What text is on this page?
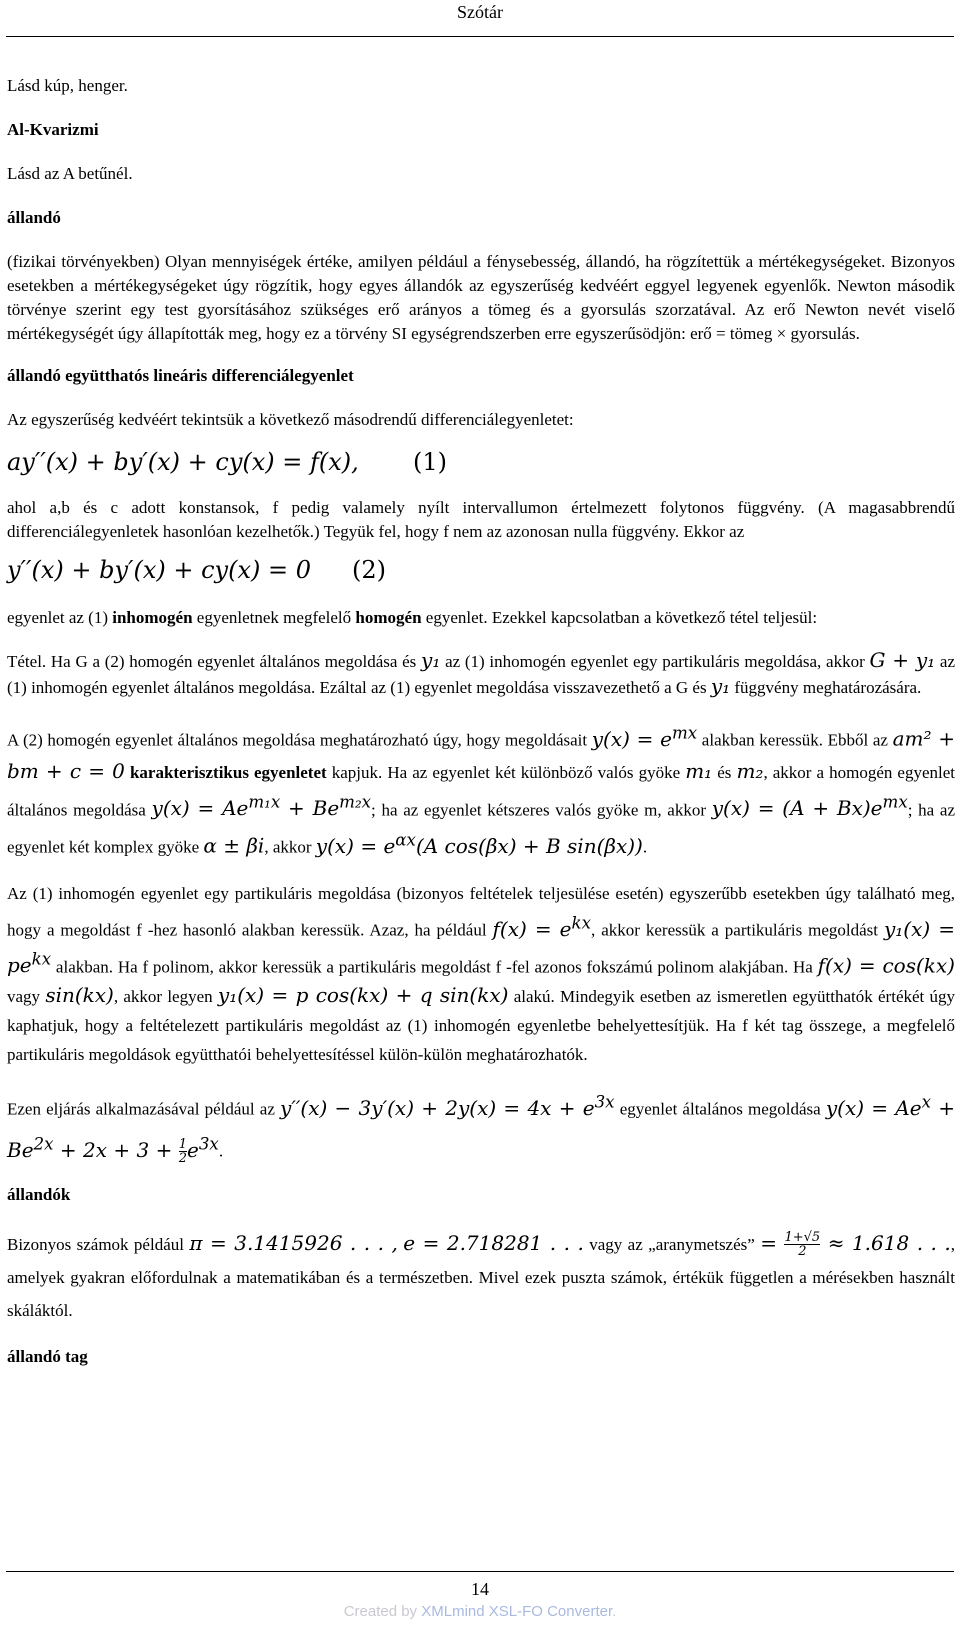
Szótár

Lásd kúp, henger.

Al-Kvarizmi

Lásd az A betűnél.

állandó

(fizikai törvényekben) Olyan mennyiségek értéke, amilyen például a fénysebesség, állandó, ha rögzítettük a mértékegységeket. Bizonyos esetekben a mértékegységeket úgy rögzítik, hogy egyes állandók az egyszerűség kedvéért eggyel legyenek egyenlők. Newton második törvénye szerint egy test gyorsításához szükséges erő arányos a tömeg és a gyorsulás szorzatával. Az erő Newton nevét viselő mértékegységét úgy állapították meg, hogy ez a törvény SI egységrendszerben erre egyszerűsödjön: erő = tömeg × gyorsulás.

állandó együtthatós lineáris differenciálegyenlet

Az egyszerűség kedvéért tekintsük a következő másodrendű differenciálegyenletet:

ay′′(x) + by′(x) + cy(x) = f(x), (1)

ahol a,b és c adott konstansok, f pedig valamely nyílt intervallumon értelmezett folytonos függvény. (A magasabbrendű differenciálegyenletek hasonlóan kezelhetők.) Tegyük fel, hogy f nem az azonosan nulla függvény. Ekkor az

y′′(x) + by′(x) + cy(x) = 0 (2)

egyenlet az (1) inhomogén egyenletnek megfelelő homogén egyenlet. Ezekkel kapcsolatban a következő tétel teljesül:

Tétel. Ha G a (2) homogén egyenlet általános megoldása és y₁ az (1) inhomogén egyenlet egy partikuláris megoldása, akkor G + y₁ az (1) inhomogén egyenlet általános megoldása. Ezáltal az (1) egyenlet megoldása visszavezethető a G és y₁ függvény meghatározására.

A (2) homogén egyenlet általános megoldása meghatározható úgy, hogy megoldásait $y(x) = e^{mx}$ alakban keressük. Ebből az am² + bm + c = 0 karakterisztikus egyenletet kapjuk. Ha az egyenlet két különböző valós gyöke m₁ és m₂, akkor a homogén egyenlet általános megoldása $y(x) = Ae^{m_1x} + Be^{m_2x}$; ha az egyenlet kétszeres valós gyöke m, akkor $y(x) = (A + Bx)e^{mx}$; ha az egyenlet két komplex gyöke α ± βi, akkor $y(x) = e^{\alpha x}(A$ cos(βx) + B sin(βx)).

Az (1) inhomogén egyenlet egy partikuláris megoldása (bizonyos feltételek teljesülése esetén) egyszerűbb esetekben úgy található meg, hogy a megoldást f -hez hasonló alakban keressük. Azaz, ha például $f(x) = e^{kx}$, akkor keressük a partikuláris megoldást $y_1(x) = pe^{kx}$ alakban. Ha f polinom, akkor keressük a partikuláris megoldást f -fel azonos fokszámú polinom alakjában. Ha f(x) = cos(kx) vagy sin(kx), akkor legyen y₁(x) = p cos(kx) + q sin(kx) alakú. Mindegyik esetben az ismeretlen együtthatók értékét úgy kaphatjuk, hogy a feltételezett partikuláris megoldást az (1) inhomogén egyenletbe behelyettesítjük. Ha f két tag összege, a megfelelő partikuláris megoldások együtthatói behelyettesítéssel külön-külön meghatározhatók.

Ezen eljárás alkalmazásával például az $y''(x) - 3y'(x) + 2y(x) = 4x + e^{3x}$ egyenlet általános megoldása $y(x) = Ae^x + Be^{2x} + 2x + 3 + \frac{1}{2} e^{3x}$.

állandók

Bizonyos számok például π = 3.1415926 . . . , e = 2.718281 . . . vagy az „aranymetszés” = $\frac{1+√5}{2} \approx 1.618$ . . ., amelyek gyakran előfordulnak a matematikában és a természetben. Mivel ezek puszta számok, értékük független a mérésekben használt skáláktól.

állandó tag

14
Created by XMLmind XSL-FO Converter.
